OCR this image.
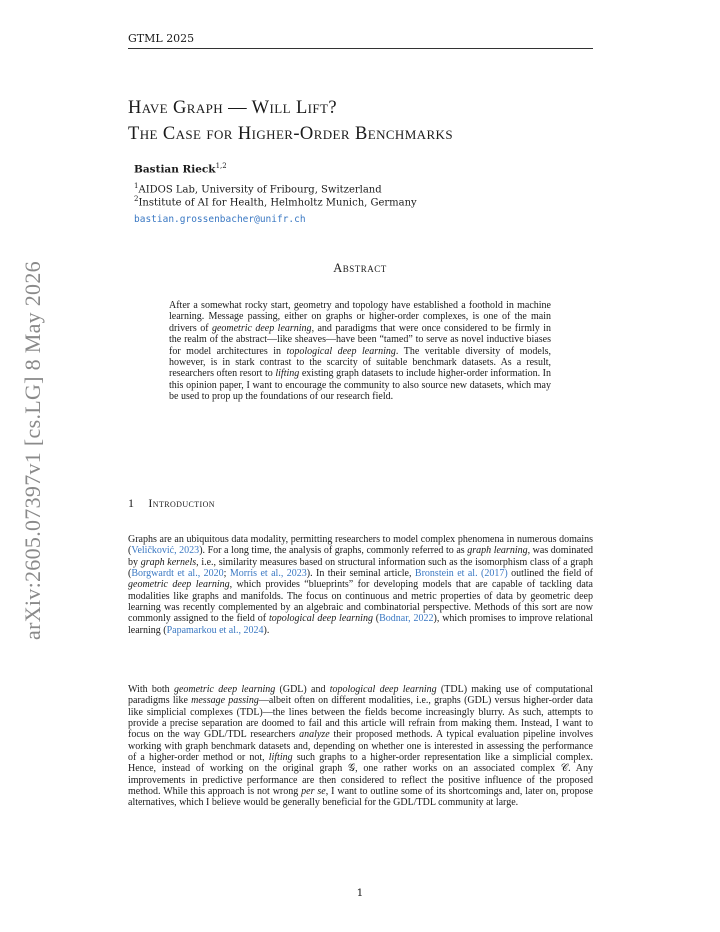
GTML 2025
arXiv:2605.07397v1 [cs.LG] 8 May 2026
Have Graph — Will Lift?
The Case for Higher-Order Benchmarks
Bastian Rieck$^{1,2}$
$^1$AIDOS Lab, University of Fribourg, Switzerland
$^2$Institute of AI for Health, Helmholtz Munich, Germany
bastian.grossenbacher@unifr.ch
Abstract
After a somewhat rocky start, geometry and topology have established a foothold in machine learning. Message passing, either on graphs or higher-order complexes, is one of the main drivers of geometric deep learning, and paradigms that were once considered to be firmly in the realm of the abstract—like sheaves—have been “tamed” to serve as novel inductive biases for model architectures in topological deep learning. The veritable diversity of models, however, is in stark contrast to the scarcity of suitable benchmark datasets. As a result, researchers often resort to lifting existing graph datasets to include higher-order information. In this opinion paper, I want to encourage the community to also source new datasets, which may be used to prop up the foundations of our research field.
1 Introduction
Graphs are an ubiquitous data modality, permitting researchers to model complex phenomena in numerous domains (Veličković, 2023). For a long time, the analysis of graphs, commonly referred to as graph learning, was dominated by graph kernels, i.e., similarity measures based on structural information such as the isomorphism class of a graph (Borgwardt et al., 2020; Morris et al., 2023). In their seminal article, Bronstein et al. (2017) outlined the field of geometric deep learning, which provides “blueprints” for developing models that are capable of tackling data modalities like graphs and manifolds. The focus on continuous and metric properties of data by geometric deep learning was recently complemented by an algebraic and combinatorial perspective. Methods of this sort are now commonly assigned to the field of topological deep learning (Bodnar, 2022), which promises to improve relational learning (Papamarkou et al., 2024).
With both geometric deep learning (GDL) and topological deep learning (TDL) making use of computational paradigms like message passing—albeit often on different modalities, i.e., graphs (GDL) versus higher-order data like simplicial complexes (TDL)—the lines between the fields become increasingly blurry. As such, attempts to provide a precise separation are doomed to fail and this article will refrain from making them. Instead, I want to focus on the way GDL/TDL researchers analyze their proposed methods. A typical evaluation pipeline involves working with graph benchmark datasets and, depending on whether one is interested in assessing the performance of a higher-order method or not, lifting such graphs to a higher-order representation like a simplicial complex. Hence, instead of working on the original graph 𝒢, one rather works on an associated complex 𝒞. Any improvements in predictive performance are then considered to reflect the positive influence of the proposed method. While this approach is not wrong per se, I want to outline some of its shortcomings and, later on, propose alternatives, which I believe would be generally beneficial for the GDL/TDL community at large.
1
